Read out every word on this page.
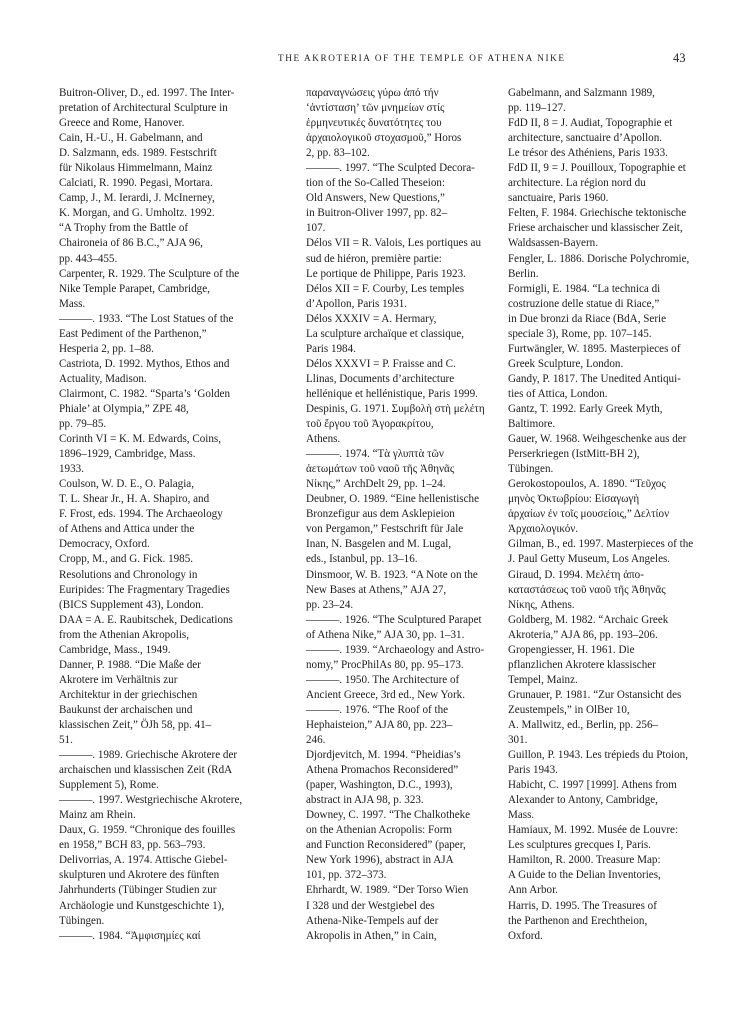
THE AKROTERIA OF THE TEMPLE OF ATHENA NIKE	43

Buitron-Oliver, D., ed. 1997. The Inter-
pretation of Architectural Sculpture in
Greece and Rome, Hanover.

Cain, H.-U., H. Gabelmann, and
D. Salzmann, eds. 1989. Festschrift
für Nikolaus Himmelmann, Mainz

Calciati, R. 1990. Pegasi, Mortara.

Camp, J., M. Ierardi, J. McInerney,
K. Morgan, and G. Umholtz. 1992.
“A Trophy from the Battle of
Chaironeia of 86 B.C.,” AJA 96,
pp. 443–455.

Carpenter, R. 1929. The Sculpture of the
Nike Temple Parapet, Cambridge,
Mass.

———. 1933. “The Lost Statues of the
East Pediment of the Parthenon,”
Hesperia 2, pp. 1–88.

Castriota, D. 1992. Mythos, Ethos and
Actuality, Madison.

Clairmont, C. 1982. “Sparta’s ‘Golden
Phiale’ at Olympia,” ZPE 48,
pp. 79–85.

Corinth VI = K. M. Edwards, Coins,
1896–1929, Cambridge, Mass.
1933.

Coulson, W. D. E., O. Palagia,
T. L. Shear Jr., H. A. Shapiro, and
F. Frost, eds. 1994. The Archaeology
of Athens and Attica under the
Democracy, Oxford.

Cropp, M., and G. Fick. 1985.
Resolutions and Chronology in
Euripides: The Fragmentary Tragedies
(BICS Supplement 43), London.

DAA = A. E. Raubitschek, Dedications
from the Athenian Akropolis,
Cambridge, Mass., 1949.

Danner, P. 1988. “Die Maße der
Akrotere im Verhältnis zur
Architektur in der griechischen
Baukunst der archaischen und
klassischen Zeit,” ÖJh 58, pp. 41–
51.

———. 1989. Griechische Akrotere der
archaischen und klassischen Zeit (RdA
Supplement 5), Rome.

———. 1997. Westgriechische Akrotere,
Mainz am Rhein.

Daux, G. 1959. “Chronique des fouilles
en 1958,” BCH 83, pp. 563–793.

Delivorrias, A. 1974. Attische Giebel-
skulpturen und Akrotere des fünften
Jahrhunderts (Tübinger Studien zur
Archäologie und Kunstgeschichte 1),
Tübingen.

———. 1984. “Ἀμφισημίες καί

παραναγνώσεις γύρω ἀπό τήν
‘ἀντίσταση’ τῶν μνημείων στίς
ἑρμηνευτικές δυνατότητες του
ἀρχαιολογικοῦ στοχασμοῦ,” Horos
2, pp. 83–102.

———. 1997. “The Sculpted Decora-
tion of the So-Called Theseion:
Old Answers, New Questions,”
in Buitron-Oliver 1997, pp. 82–
107.

Délos VII = R. Valois, Les portiques au
sud de hiéron, première partie:
Le portique de Philippe, Paris 1923.

Délos XII = F. Courby, Les temples
d’Apollon, Paris 1931.

Délos XXXIV = A. Hermary,
La sculpture archaïque et classique,
Paris 1984.

Délos XXXVI = P. Fraisse and C.
Llinas, Documents d’architecture
hellénique et hellénistique, Paris 1999.

Despinis, G. 1971. Συμβολὴ στὴ μελέτη
τοῦ ἔργου τοῦ Ἀγορακρίτου,
Athens.

———. 1974. “Τὰ γλυπτὰ τῶν
ἀετωμάτων τοῦ ναοῦ τῆς Ἀθηνᾶς
Νίκης,” ArchDelt 29, pp. 1–24.

Deubner, O. 1989. “Eine hellenistische
Bronzefigur aus dem Asklepieion
von Pergamon,” Festschrift für Jale
Inan, N. Basgelen and M. Lugal,
eds., Istanbul, pp. 13–16.

Dinsmoor, W. B. 1923. “A Note on the
New Bases at Athens,” AJA 27,
pp. 23–24.

———. 1926. “The Sculptured Parapet
of Athena Nike,” AJA 30, pp. 1–31.

———. 1939. “Archaeology and Astro-
nomy,” ProcPhilAs 80, pp. 95–173.

———. 1950. The Architecture of
Ancient Greece, 3rd ed., New York.

———. 1976. “The Roof of the
Hephaisteion,” AJA 80, pp. 223–
246.

Djordjevitch, M. 1994. “Pheidias’s
Athena Promachos Reconsidered”
(paper, Washington, D.C., 1993),
abstract in AJA 98, p. 323.

Downey, C. 1997. “The Chalkotheke
on the Athenian Acropolis: Form
and Function Reconsidered” (paper,
New York 1996), abstract in AJA
101, pp. 372–373.

Ehrhardt, W. 1989. “Der Torso Wien
I 328 und der Westgiebel des
Athena-Nike-Tempels auf der
Akropolis in Athen,” in Cain,

Gabelmann, and Salzmann 1989,
pp. 119–127.

FdD II, 8 = J. Audiat, Topographie et
architecture, sanctuaire d’Apollon.
Le trésor des Athéniens, Paris 1933.

FdD II, 9 = J. Pouilloux, Topographie et
architecture. La région nord du
sanctuaire, Paris 1960.

Felten, F. 1984. Griechische tektonische
Friese archaischer und klassischer Zeit,
Waldsassen-Bayern.

Fengler, L. 1886. Dorische Polychromie,
Berlin.

Formigli, E. 1984. “La technica di
costruzione delle statue di Riace,”
in Due bronzi da Riace (BdA, Serie
speciale 3), Rome, pp. 107–145.

Furtwängler, W. 1895. Masterpieces of
Greek Sculpture, London.

Gandy, P. 1817. The Unedited Antiqui-
ties of Attica, London.

Gantz, T. 1992. Early Greek Myth,
Baltimore.

Gauer, W. 1968. Weihgeschenke aus der
Perserkriegen (IstMitt-BH 2),
Tübingen.

Gerokostopoulos, A. 1890. “Τεῦχος
μηνὸς Ὀκτωβρίου: Εἰσαγωγὴ
ἀρχαίων ἐν τοῖς μουσείοις,” Δελτίον
Ἀρχαιολογικόν.

Gilman, B., ed. 1997. Masterpieces of the
J. Paul Getty Museum, Los Angeles.

Giraud, D. 1994. Μελέτη ἀπο-
καταστάσεως τοῦ ναοῦ τῆς Ἀθηνᾶς
Νίκης, Athens.

Goldberg, M. 1982. “Archaic Greek
Akroteria,” AJA 86, pp. 193–206.

Gropengiesser, H. 1961. Die
pflanzlichen Akrotere klassischer
Tempel, Mainz.

Grunauer, P. 1981. “Zur Ostansicht des
Zeustempels,” in OlBer 10,
A. Mallwitz, ed., Berlin, pp. 256–
301.

Guillon, P. 1943. Les trépieds du Ptoion,
Paris 1943.

Habicht, C. 1997 [1999]. Athens from
Alexander to Antony, Cambridge,
Mass.

Hamiaux, M. 1992. Musée de Louvre:
Les sculptures grecques I, Paris.

Hamilton, R. 2000. Treasure Map:
A Guide to the Delian Inventories,
Ann Arbor.

Harris, D. 1995. The Treasures of
the Parthenon and Erechtheion,
Oxford.
